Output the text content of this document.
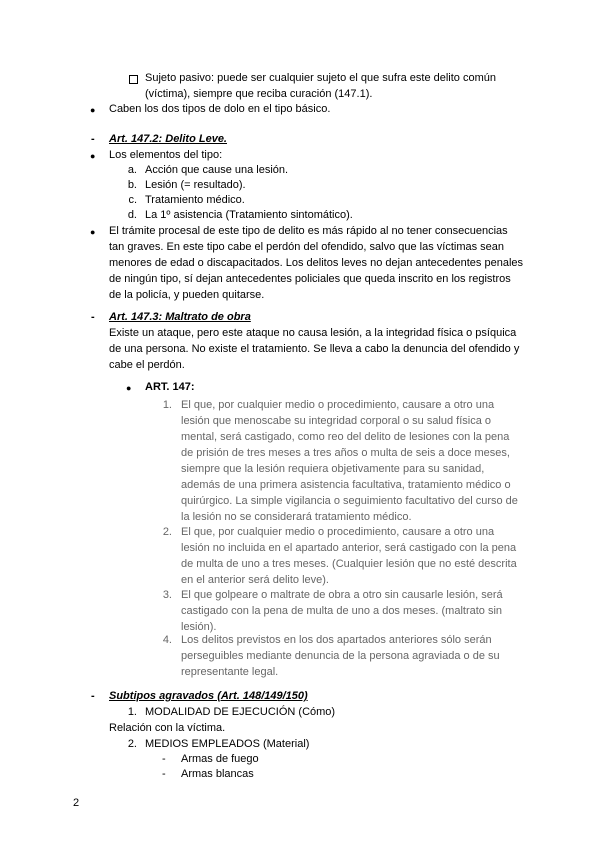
Sujeto pasivo: puede ser cualquier sujeto el que sufra este delito común
(víctima), siempre que reciba curación (147.1).
● Caben los dos tipos de dolo en el tipo básico.
- Art. 147.2: Delito Leve.
● Los elementos del tipo:
a. Acción que cause una lesión.
b. Lesión (= resultado).
c. Tratamiento médico.
d. La 1º asistencia (Tratamiento sintomático).
● El trámite procesal de este tipo de delito es más rápido al no tener consecuencias
tan graves. En este tipo cabe el perdón del ofendido, salvo que las víctimas sean
menores de edad o discapacitados. Los delitos leves no dejan antecedentes penales
de ningún tipo, sí dejan antecedentes policiales que queda inscrito en los registros
de la policía, y pueden quitarse.
- Art. 147.3: Maltrato de obra
Existe un ataque, pero este ataque no causa lesión, a la integridad física o psíquica
de una persona. No existe el tratamiento. Se lleva a cabo la denuncia del ofendido y
cabe el perdón.
● ART. 147:
1. El que, por cualquier medio o procedimiento, causare a otro una
lesión que menoscabe su integridad corporal o su salud física o
mental, será castigado, como reo del delito de lesiones con la pena
de prisión de tres meses a tres años o multa de seis a doce meses,
siempre que la lesión requiera objetivamente para su sanidad,
además de una primera asistencia facultativa, tratamiento médico o
quirúrgico. La simple vigilancia o seguimiento facultativo del curso de
la lesión no se considerará tratamiento médico.
2. El que, por cualquier medio o procedimiento, causare a otro una
lesión no incluida en el apartado anterior, será castigado con la pena
de multa de uno a tres meses. (Cualquier lesión que no esté descrita
en el anterior será delito leve).
3. El que golpeare o maltrate de obra a otro sin causarle lesión, será
castigado con la pena de multa de uno a dos meses. (maltrato sin
lesión).
4. Los delitos previstos en los dos apartados anteriores sólo serán
perseguibles mediante denuncia de la persona agraviada o de su
representante legal.
- Subtipos agravados (Art. 148/149/150)
1. MODALIDAD DE EJECUCIÓN (Cómo)
Relación con la víctima.
2. MEDIOS EMPLEADOS (Material)
- Armas de fuego
- Armas blancas
2
